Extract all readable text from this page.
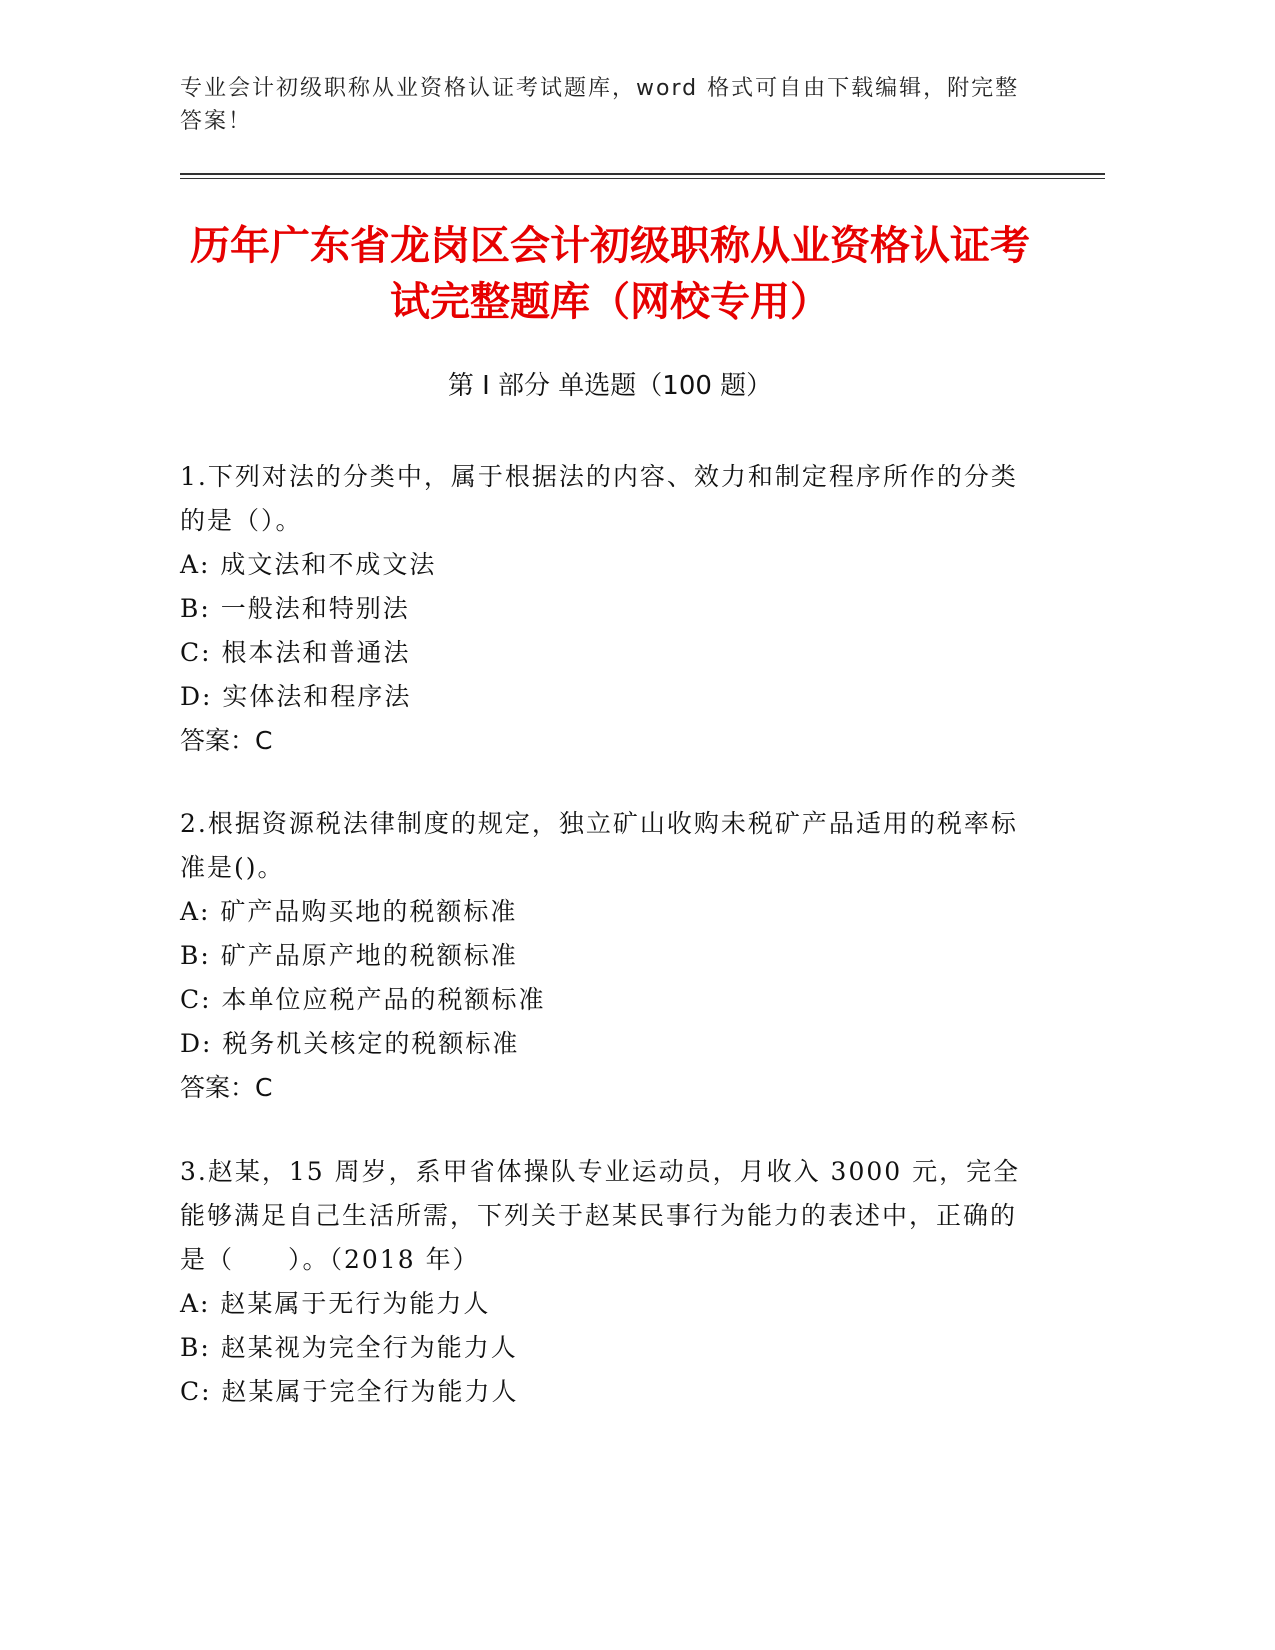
专业会计初级职称从业资格认证考试题库，word 格式可自由下载编辑，附完整答案！
历年广东省龙岗区会计初级职称从业资格认证考试完整题库（网校专用）
第 I 部分 单选题（100 题）

1.下列对法的分类中，属于根据法的内容、效力和制定程序所作的分类的是（）。

A: 成文法和不成文法

B: 一般法和特别法

C: 根本法和普通法

D: 实体法和程序法

答案：C

2.根据资源税法律制度的规定，独立矿山收购未税矿产品适用的税率标准是()。

A: 矿产品购买地的税额标准

B: 矿产品原产地的税额标准

C: 本单位应税产品的税额标准

D: 税务机关核定的税额标准

答案：C

3.赵某，15 周岁，系甲省体操队专业运动员，月收入 3000 元，完全能够满足自己生活所需，下列关于赵某民事行为能力的表述中，正确的是（　　）。（2018 年）

A: 赵某属于无行为能力人

B: 赵某视为完全行为能力人

C: 赵某属于完全行为能力人
